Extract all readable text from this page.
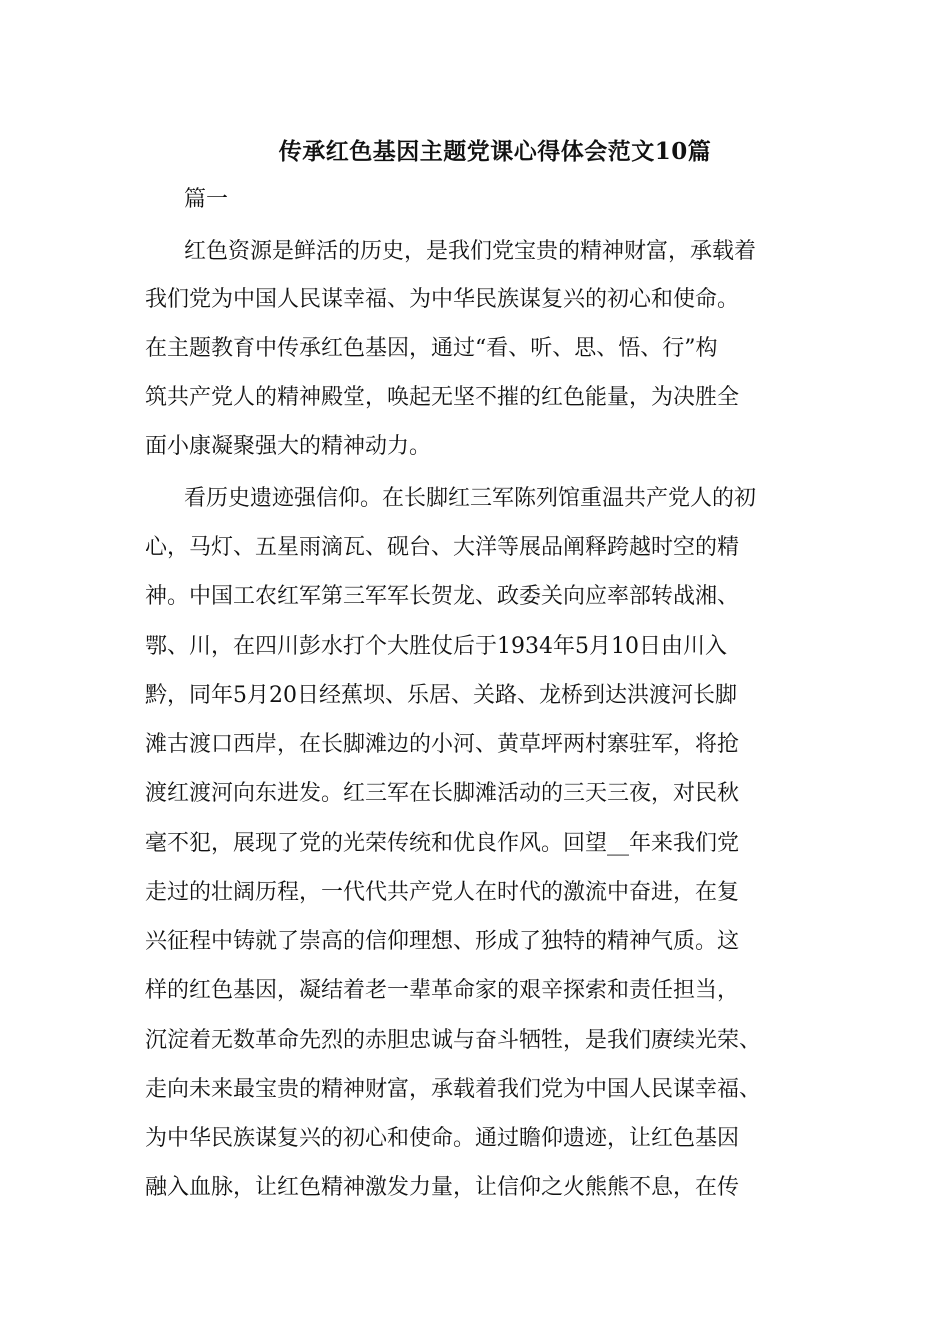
传承红色基因主题党课心得体会范文10篇
篇一
红色资源是鲜活的历史，是我们党宝贵的精神财富，承载着
我们党为中国人民谋幸福、为中华民族谋复兴的初心和使命。
在主题教育中传承红色基因，通过“看、听、思、悟、行”构
筑共产党人的精神殿堂，唤起无坚不摧的红色能量，为决胜全
面小康凝聚强大的精神动力。
看历史遗迹强信仰。在长脚红三军陈列馆重温共产党人的初
心，马灯、五星雨滴瓦、砚台、大洋等展品阐释跨越时空的精
神。中国工农红军第三军军长贺龙、政委关向应率部转战湘、
鄂、川，在四川彭水打个大胜仗后于1934年5月10日由川入
黔，同年5月20日经蕉坝、乐居、关路、龙桥到达洪渡河长脚
滩古渡口西岸，在长脚滩边的小河、黄草坪两村寨驻军，将抢
渡红渡河向东进发。红三军在长脚滩活动的三天三夜，对民秋
毫不犯，展现了党的光荣传统和优良作风。回望__年来我们党
走过的壮阔历程，一代代共产党人在时代的激流中奋进，在复
兴征程中铸就了崇高的信仰理想、形成了独特的精神气质。这
样的红色基因，凝结着老一辈革命家的艰辛探索和责任担当，
沉淀着无数革命先烈的赤胆忠诚与奋斗牺牲，是我们赓续光荣、
走向未来最宝贵的精神财富，承载着我们党为中国人民谋幸福、
为中华民族谋复兴的初心和使命。通过瞻仰遗迹，让红色基因
融入血脉，让红色精神激发力量，让信仰之火熊熊不息，在传
